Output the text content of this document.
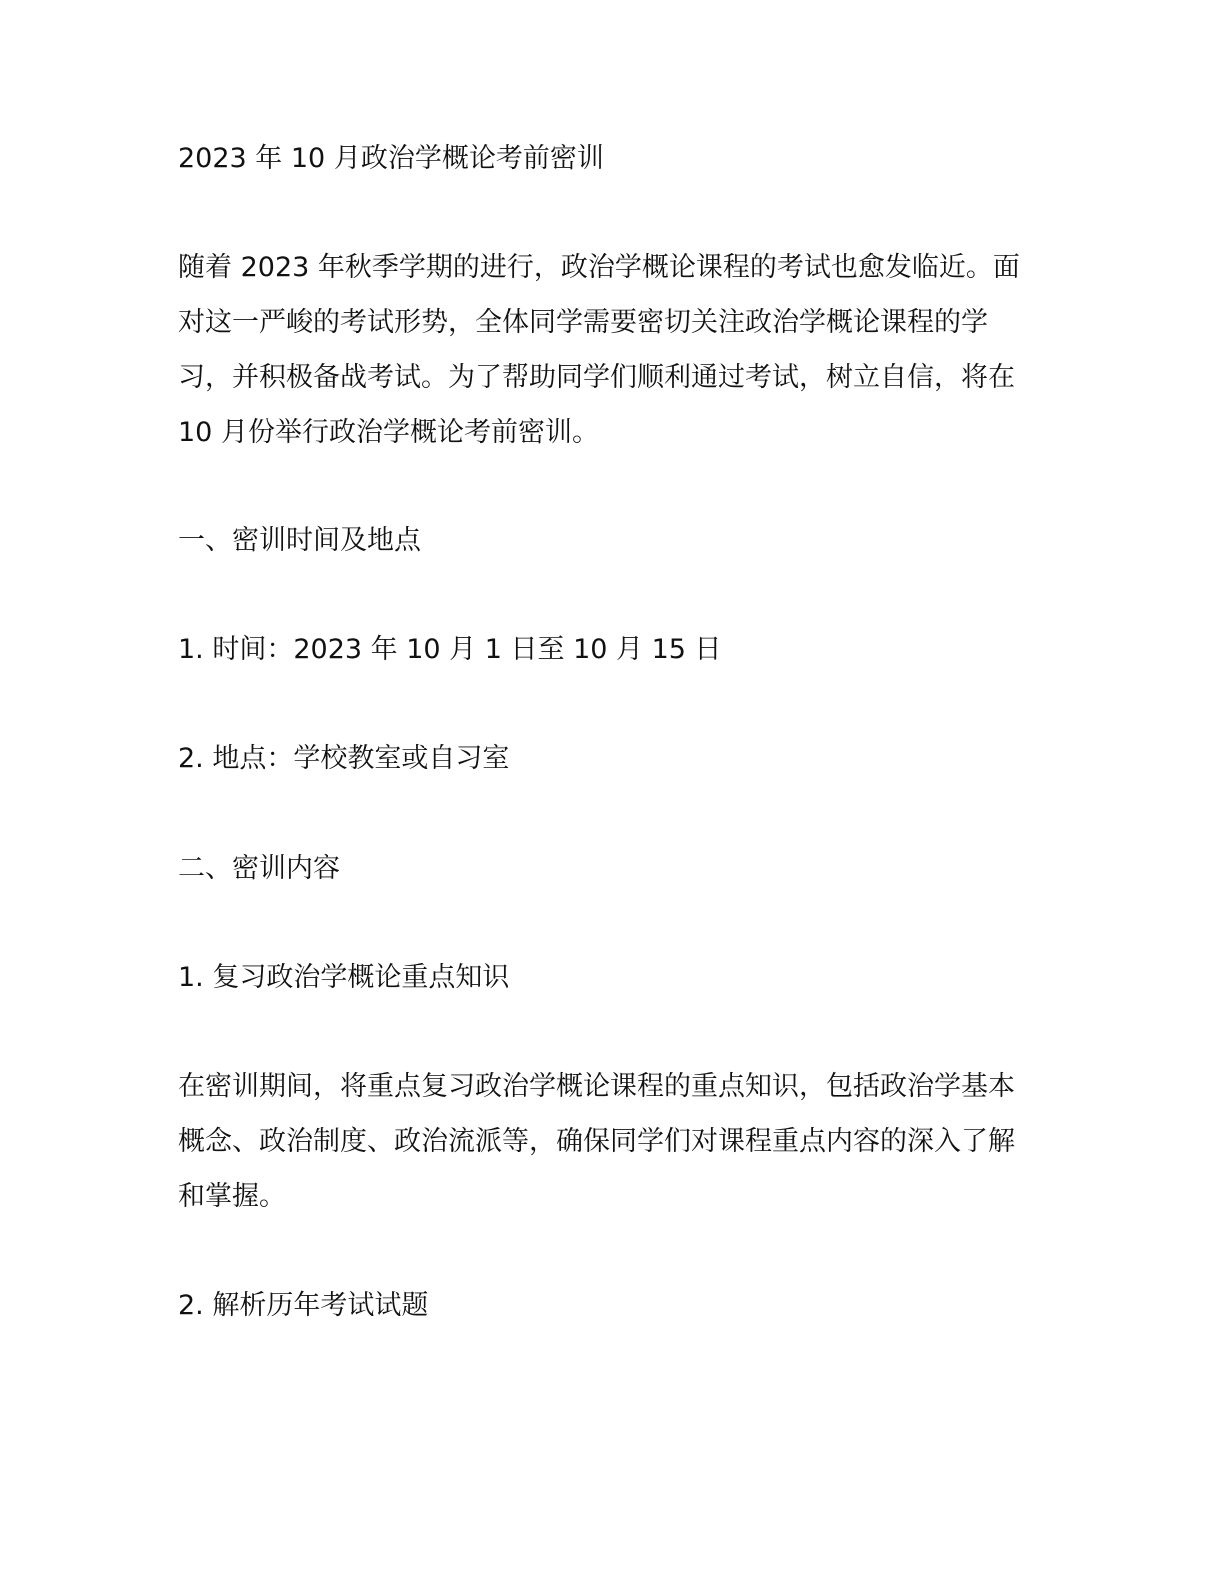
2023 年 10 月政治学概论考前密训

随着 2023 年秋季学期的进行，政治学概论课程的考试也愈发临近。面对这一严峻的考试形势，全体同学需要密切关注政治学概论课程的学习，并积极备战考试。为了帮助同学们顺利通过考试，树立自信，将在 10 月份举行政治学概论考前密训。

一、密训时间及地点
1. 时间：2023 年 10 月 1 日至 10 月 15 日
2. 地点：学校教室或自习室
二、密训内容
1. 复习政治学概论重点知识

在密训期间，将重点复习政治学概论课程的重点知识，包括政治学基本概念、政治制度、政治流派等，确保同学们对课程重点内容的深入了解和掌握。

2. 解析历年考试试题
